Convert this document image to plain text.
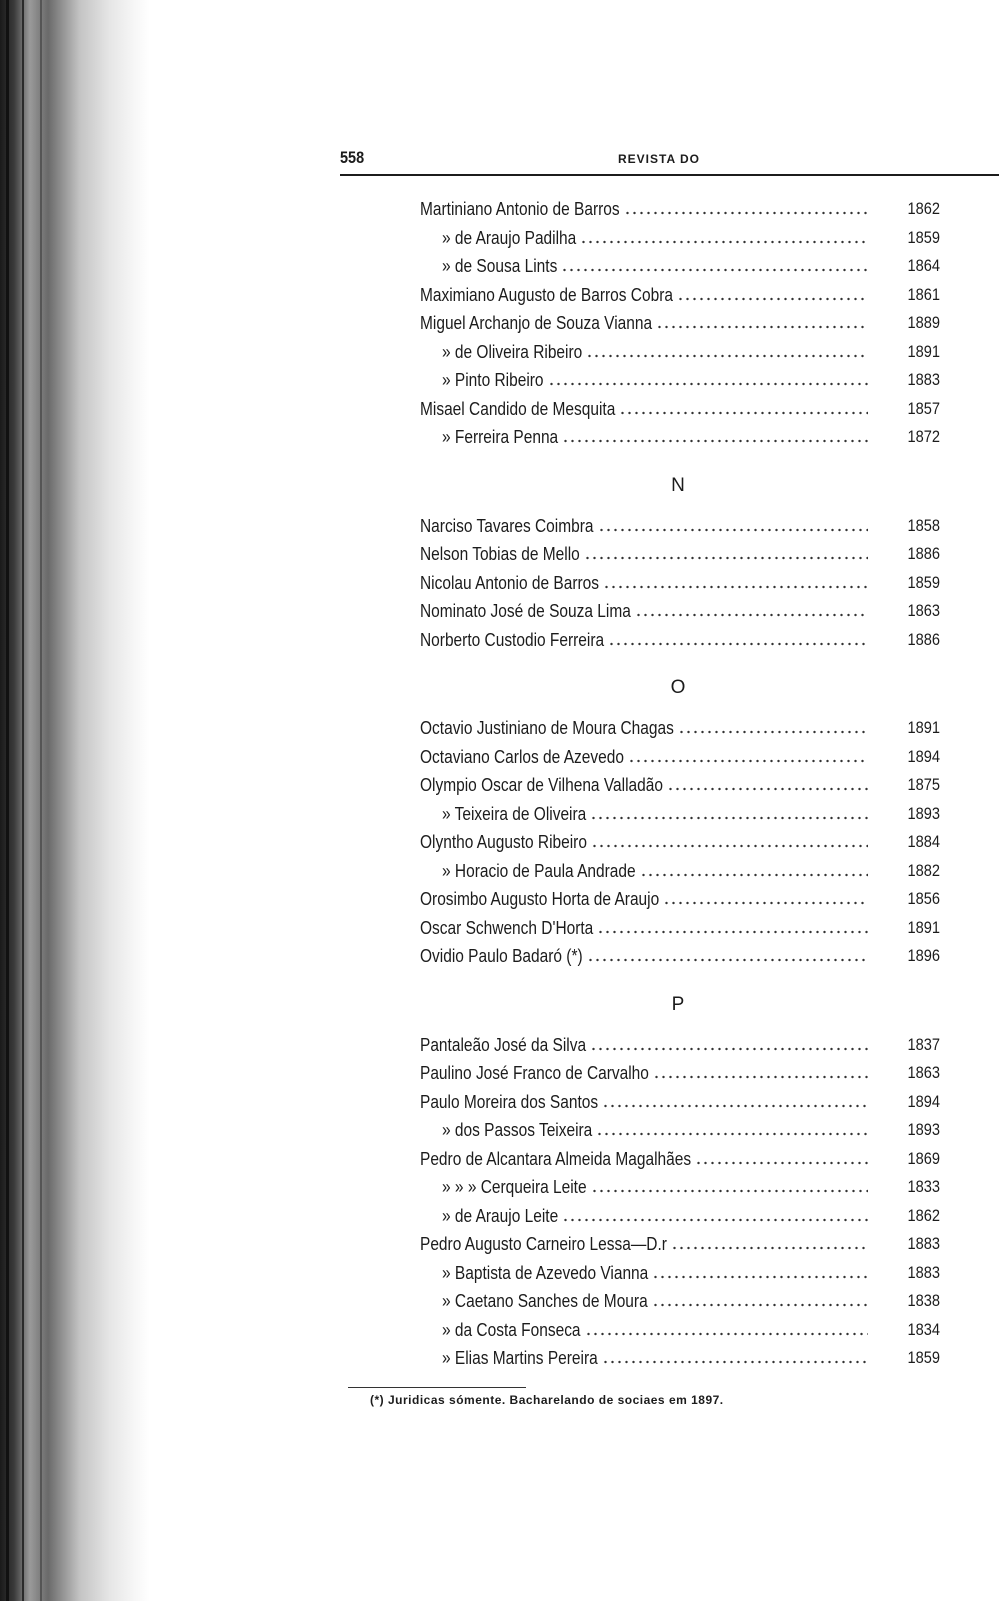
558	REVISTA DO
Martiniano Antonio de Barros	1862
» de Araujo Padilha	1859
» de Sousa Lints	1864
Maximiano Augusto de Barros Cobra	1861
Miguel Archanjo de Souza Vianna	1889
» de Oliveira Ribeiro	1891
» Pinto Ribeiro	1883
Misael Candido de Mesquita	1857
» Ferreira Penna	1872
N
Narciso Tavares Coimbra	1858
Nelson Tobias de Mello	1886
Nicolau Antonio de Barros	1859
Nominato José de Souza Lima	1863
Norberto Custodio Ferreira	1886
O
Octavio Justiniano de Moura Chagas	1891
Octaviano Carlos de Azevedo	1894
Olympio Oscar de Vilhena Valladão	1875
» Teixeira de Oliveira	1893
Olyntho Augusto Ribeiro	1884
» Horacio de Paula Andrade	1882
Orosimbo Augusto Horta de Araujo	1856
Oscar Schwench D'Horta	1891
Ovidio Paulo Badaró (*)	1896
P
Pantaleão José da Silva	1837
Paulino José Franco de Carvalho	1863
Paulo Moreira dos Santos	1894
» dos Passos Teixeira	1893
Pedro de Alcantara Almeida Magalhães	1869
» » » Cerqueira Leite	1833
» de Araujo Leite	1862
Pedro Augusto Carneiro Lessa—D.r	1883
» Baptista de Azevedo Vianna	1883
» Caetano Sanches de Moura	1838
» da Costa Fonseca	1834
» Elias Martins Pereira	1859
(*) Juridicas sómente. Bacharelando de sociaes em 1897.
